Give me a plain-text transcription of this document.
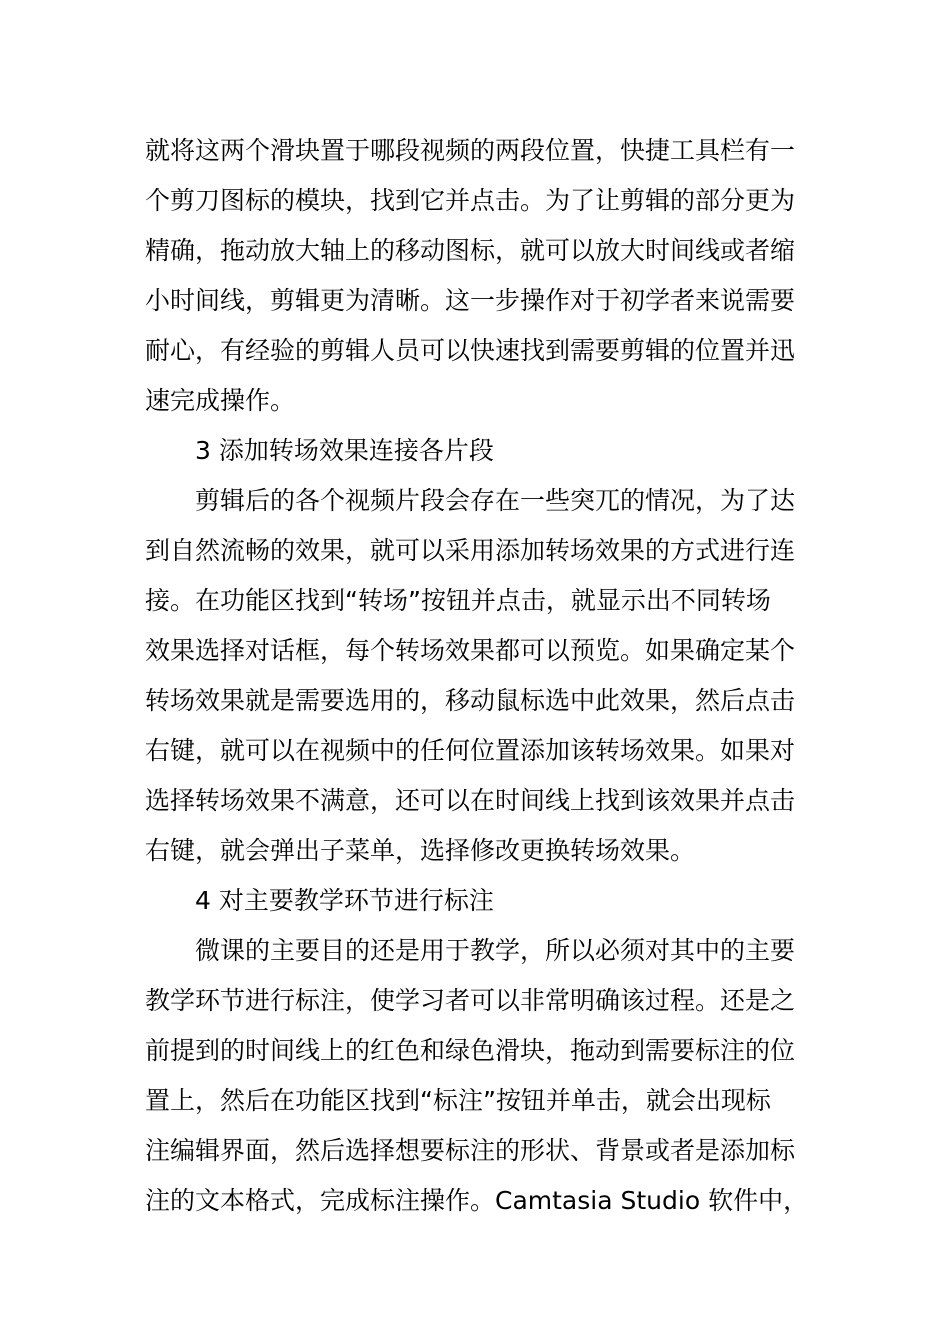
就将这两个滑块置于哪段视频的两段位置，快捷工具栏有一
个剪刀图标的模块，找到它并点击。为了让剪辑的部分更为
精确，拖动放大轴上的移动图标，就可以放大时间线或者缩
小时间线，剪辑更为清晰。这一步操作对于初学者来说需要
耐心，有经验的剪辑人员可以快速找到需要剪辑的位置并迅
速完成操作。
3 添加转场效果连接各片段
剪辑后的各个视频片段会存在一些突兀的情况，为了达
到自然流畅的效果，就可以采用添加转场效果的方式进行连
接。在功能区找到“转场”按钮并点击，就显示出不同转场
效果选择对话框，每个转场效果都可以预览。如果确定某个
转场效果就是需要选用的，移动鼠标选中此效果，然后点击
右键，就可以在视频中的任何位置添加该转场效果。如果对
选择转场效果不满意，还可以在时间线上找到该效果并点击
右键，就会弹出子菜单，选择修改更换转场效果。
4 对主要教学环节进行标注
微课的主要目的还是用于教学，所以必须对其中的主要
教学环节进行标注，使学习者可以非常明确该过程。还是之
前提到的时间线上的红色和绿色滑块，拖动到需要标注的位
置上，然后在功能区找到“标注”按钮并单击，就会出现标
注编辑界面，然后选择想要标注的形状、背景或者是添加标
注的文本格式，完成标注操作。Camtasia Studio 软件中，
